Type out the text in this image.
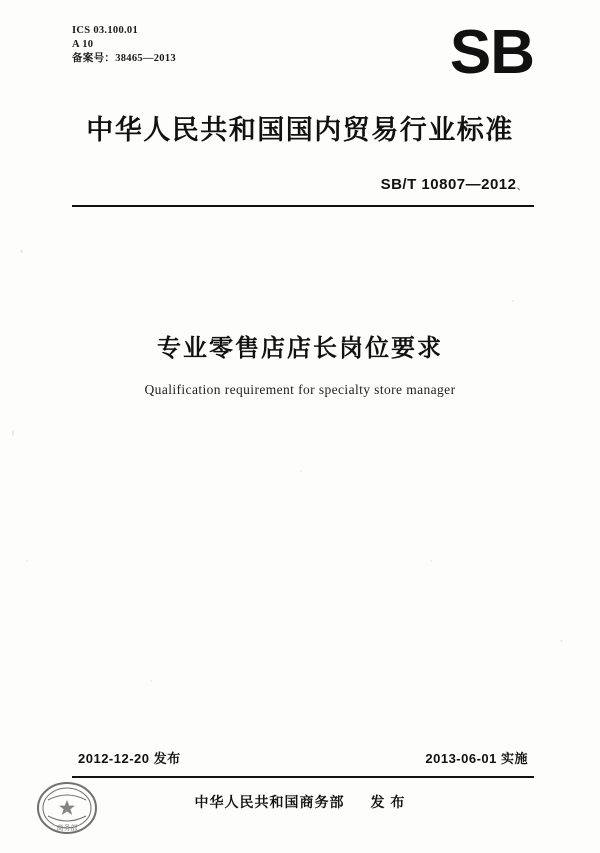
ICS 03.100.01
A 10
备案号：38465—2013	SB
中华人民共和国国内贸易行业标准
SB/T 10807—2012、
专业零售店店长岗位要求
Qualification requirement for specialty store manager
2012-12-20 发布	2013-06-01 实施
中华人民共和国商务部 发 布
商务部
